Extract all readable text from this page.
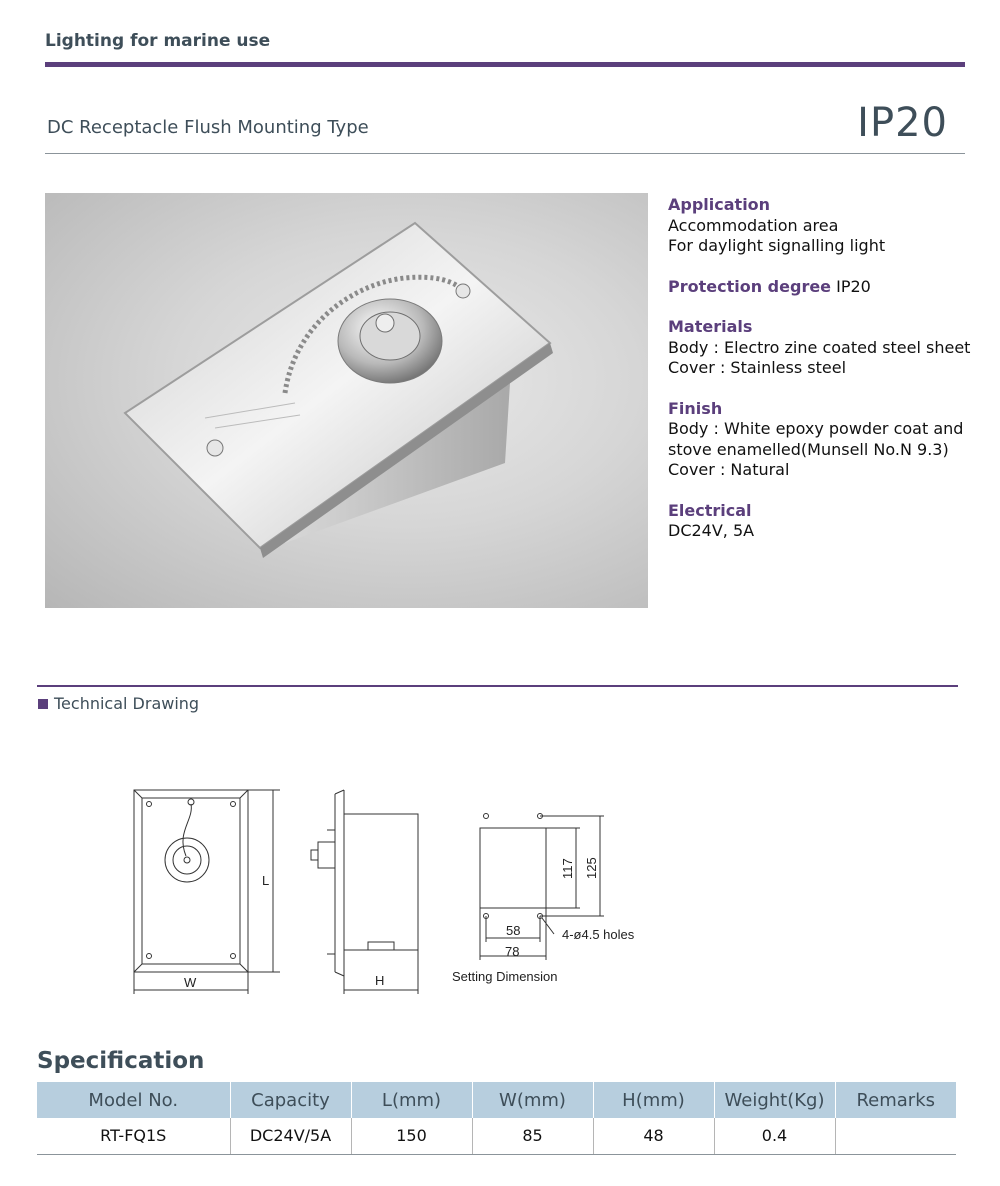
Lighting for marine use
DC Receptacle Flush Mounting Type	IP20
Application
Accommodation area
For daylight signalling light
Protection degree IP20
Materials
Body : Electro zine coated steel sheet
Cover : Stainless steel
Finish
Body : White epoxy powder coat and
stove enamelled(Munsell No.N 9.3)
Cover : Natural
Electrical
DC24V, 5A
Technical Drawing
L
W	H
117 125
58
78
4-ø4.5 holes
Setting Dimension
Specification
Model No.	Capacity	L(mm)	W(mm)	H(mm)	Weight(Kg)	Remarks
RT-FQ1S	DC24V/5A	150	85	48	0.4	
